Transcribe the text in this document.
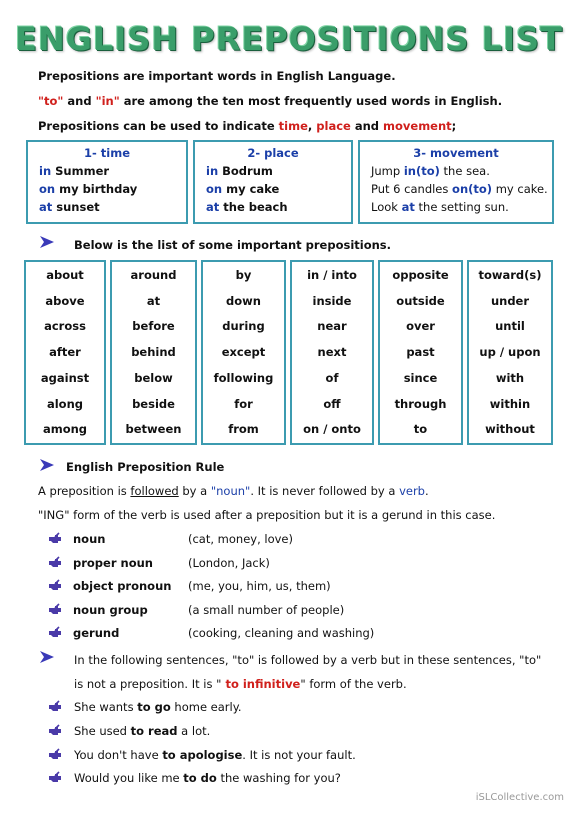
ENGLISH PREPOSITIONS LIST
Prepositions are important words in English Language.
"to" and "in" are among the ten most frequently used words in English.
Prepositions can be used to indicate time, place and movement;
1- time
in Summer
on my birthday
at sunset
2- place
in Bodrum
on my cake
at the beach
3- movement
Jump in(to) the sea.
Put 6 candles on(to) my cake.
Look at the setting sun.
Below is the list of some important prepositions.
about
above
across
after
against
along
among
around
at
before
behind
below
beside
between
by
down
during
except
following
for
from
in / into
inside
near
next
of
off
on / onto
opposite
outside
over
past
since
through
to
toward(s)
under
until
up / upon
with
within
without
English Preposition Rule
A preposition is followed by a "noun". It is never followed by a verb.
"ING" form of the verb is used after a preposition but it is a gerund in this case.
noun	(cat, money, love)
proper noun	(London, Jack)
object pronoun (me, you, him, us, them)
noun group	(a small number of people)
gerund	(cooking, cleaning and washing)
In the following sentences, "to" is followed by a verb but in these sentences, "to"
is not a preposition. It is " to infinitive" form of the verb.
She wants to go home early.
She used to read a lot.
You don't have to apologise. It is not your fault.
Would you like me to do the washing for you?
iSLCollective.com
